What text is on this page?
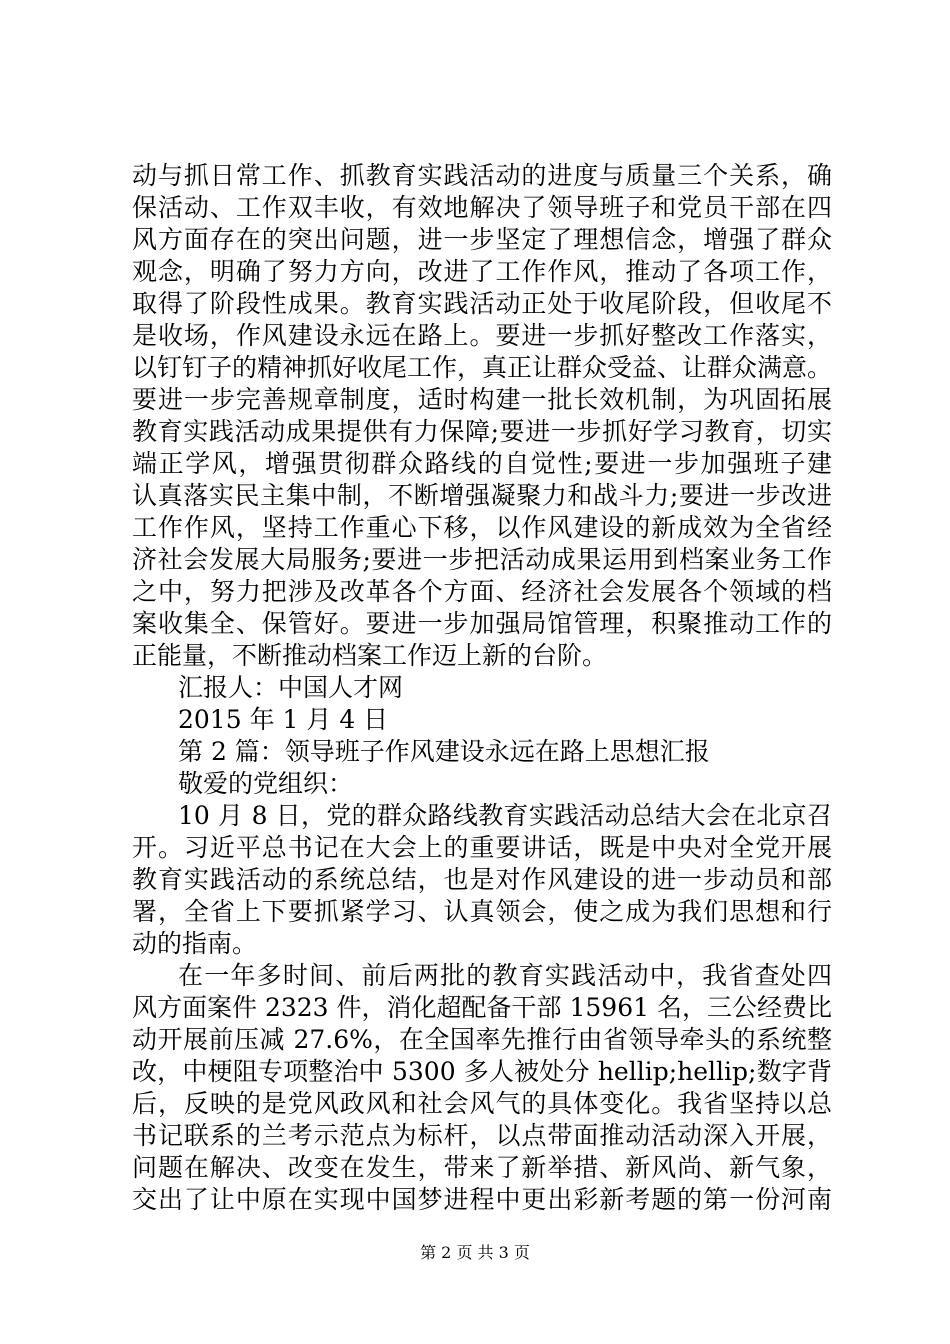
动与抓日常工作、抓教育实践活动的进度与质量三个关系，确
保活动、工作双丰收，有效地解决了领导班子和党员干部在四
风方面存在的突出问题，进一步坚定了理想信念，增强了群众
观念，明确了努力方向，改进了工作作风，推动了各项工作，
取得了阶段性成果。教育实践活动正处于收尾阶段，但收尾不
是收场，作风建设永远在路上。要进一步抓好整改工作落实，
以钉钉子的精神抓好收尾工作，真正让群众受益、让群众满意。
要进一步完善规章制度，适时构建一批长效机制，为巩固拓展
教育实践活动成果提供有力保障;要进一步抓好学习教育，切实
端正学风，增强贯彻群众路线的自觉性;要进一步加强班子建
认真落实民主集中制，不断增强凝聚力和战斗力;要进一步改进
工作作风，坚持工作重心下移，以作风建设的新成效为全省经
济社会发展大局服务;要进一步把活动成果运用到档案业务工作
之中，努力把涉及改革各个方面、经济社会发展各个领域的档
案收集全、保管好。要进一步加强局馆管理，积聚推动工作的
正能量，不断推动档案工作迈上新的台阶。
汇报人：中国人才网
2015 年 1 月 4 日
第 2 篇：领导班子作风建设永远在路上思想汇报
敬爱的党组织：
10 月 8 日，党的群众路线教育实践活动总结大会在北京召
开。习近平总书记在大会上的重要讲话，既是中央对全党开展
教育实践活动的系统总结，也是对作风建设的进一步动员和部
署，全省上下要抓紧学习、认真领会，使之成为我们思想和行
动的指南。
在一年多时间、前后两批的教育实践活动中，我省查处四
风方面案件 2323 件，消化超配备干部 15961 名，三公经费比
动开展前压减 27.6%，在全国率先推行由省领导牵头的系统整
改，中梗阻专项整治中 5300 多人被处分 hellip;hellip;数字背
后，反映的是党风政风和社会风气的具体变化。我省坚持以总
书记联系的兰考示范点为标杆，以点带面推动活动深入开展，
问题在解决、改变在发生，带来了新举措、新风尚、新气象，
交出了让中原在实现中国梦进程中更出彩新考题的第一份河南
第 2 页 共 3 页
